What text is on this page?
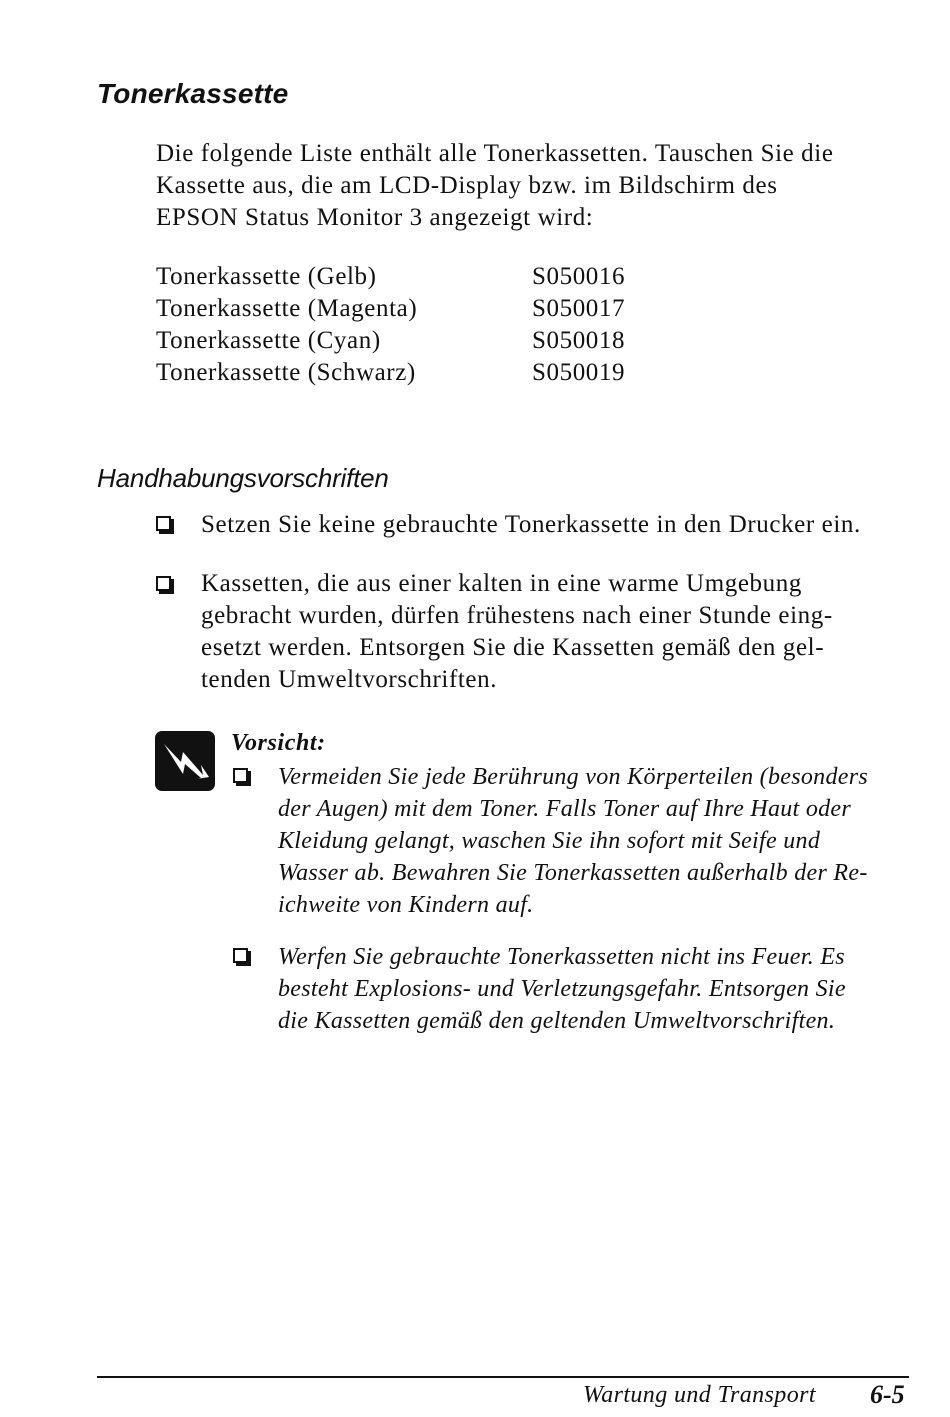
Tonerkassette
Die folgende Liste enthält alle Tonerkassetten. Tauschen Sie die
Kassette aus, die am LCD-Display bzw. im Bildschirm des
EPSON Status Monitor 3 angezeigt wird:
Tonerkassette (Gelb)	S050016
Tonerkassette (Magenta)	S050017
Tonerkassette (Cyan)	S050018
Tonerkassette (Schwarz)	S050019
Handhabungsvorschriften
Setzen Sie keine gebrauchte Tonerkassette in den Drucker ein.
Kassetten, die aus einer kalten in eine warme Umgebung
gebracht wurden, dürfen frühestens nach einer Stunde eing-
esetzt werden. Entsorgen Sie die Kassetten gemäß den gel-
tenden Umweltvorschriften.
Vorsicht:
Vermeiden Sie jede Berührung von Körperteilen (besonders
der Augen) mit dem Toner. Falls Toner auf Ihre Haut oder
Kleidung gelangt, waschen Sie ihn sofort mit Seife und
Wasser ab. Bewahren Sie Tonerkassetten außerhalb der Re-
ichweite von Kindern auf.
Werfen Sie gebrauchte Tonerkassetten nicht ins Feuer. Es
besteht Explosions- und Verletzungsgefahr. Entsorgen Sie
die Kassetten gemäß den geltenden Umweltvorschriften.
Wartung und Transport 6-5
